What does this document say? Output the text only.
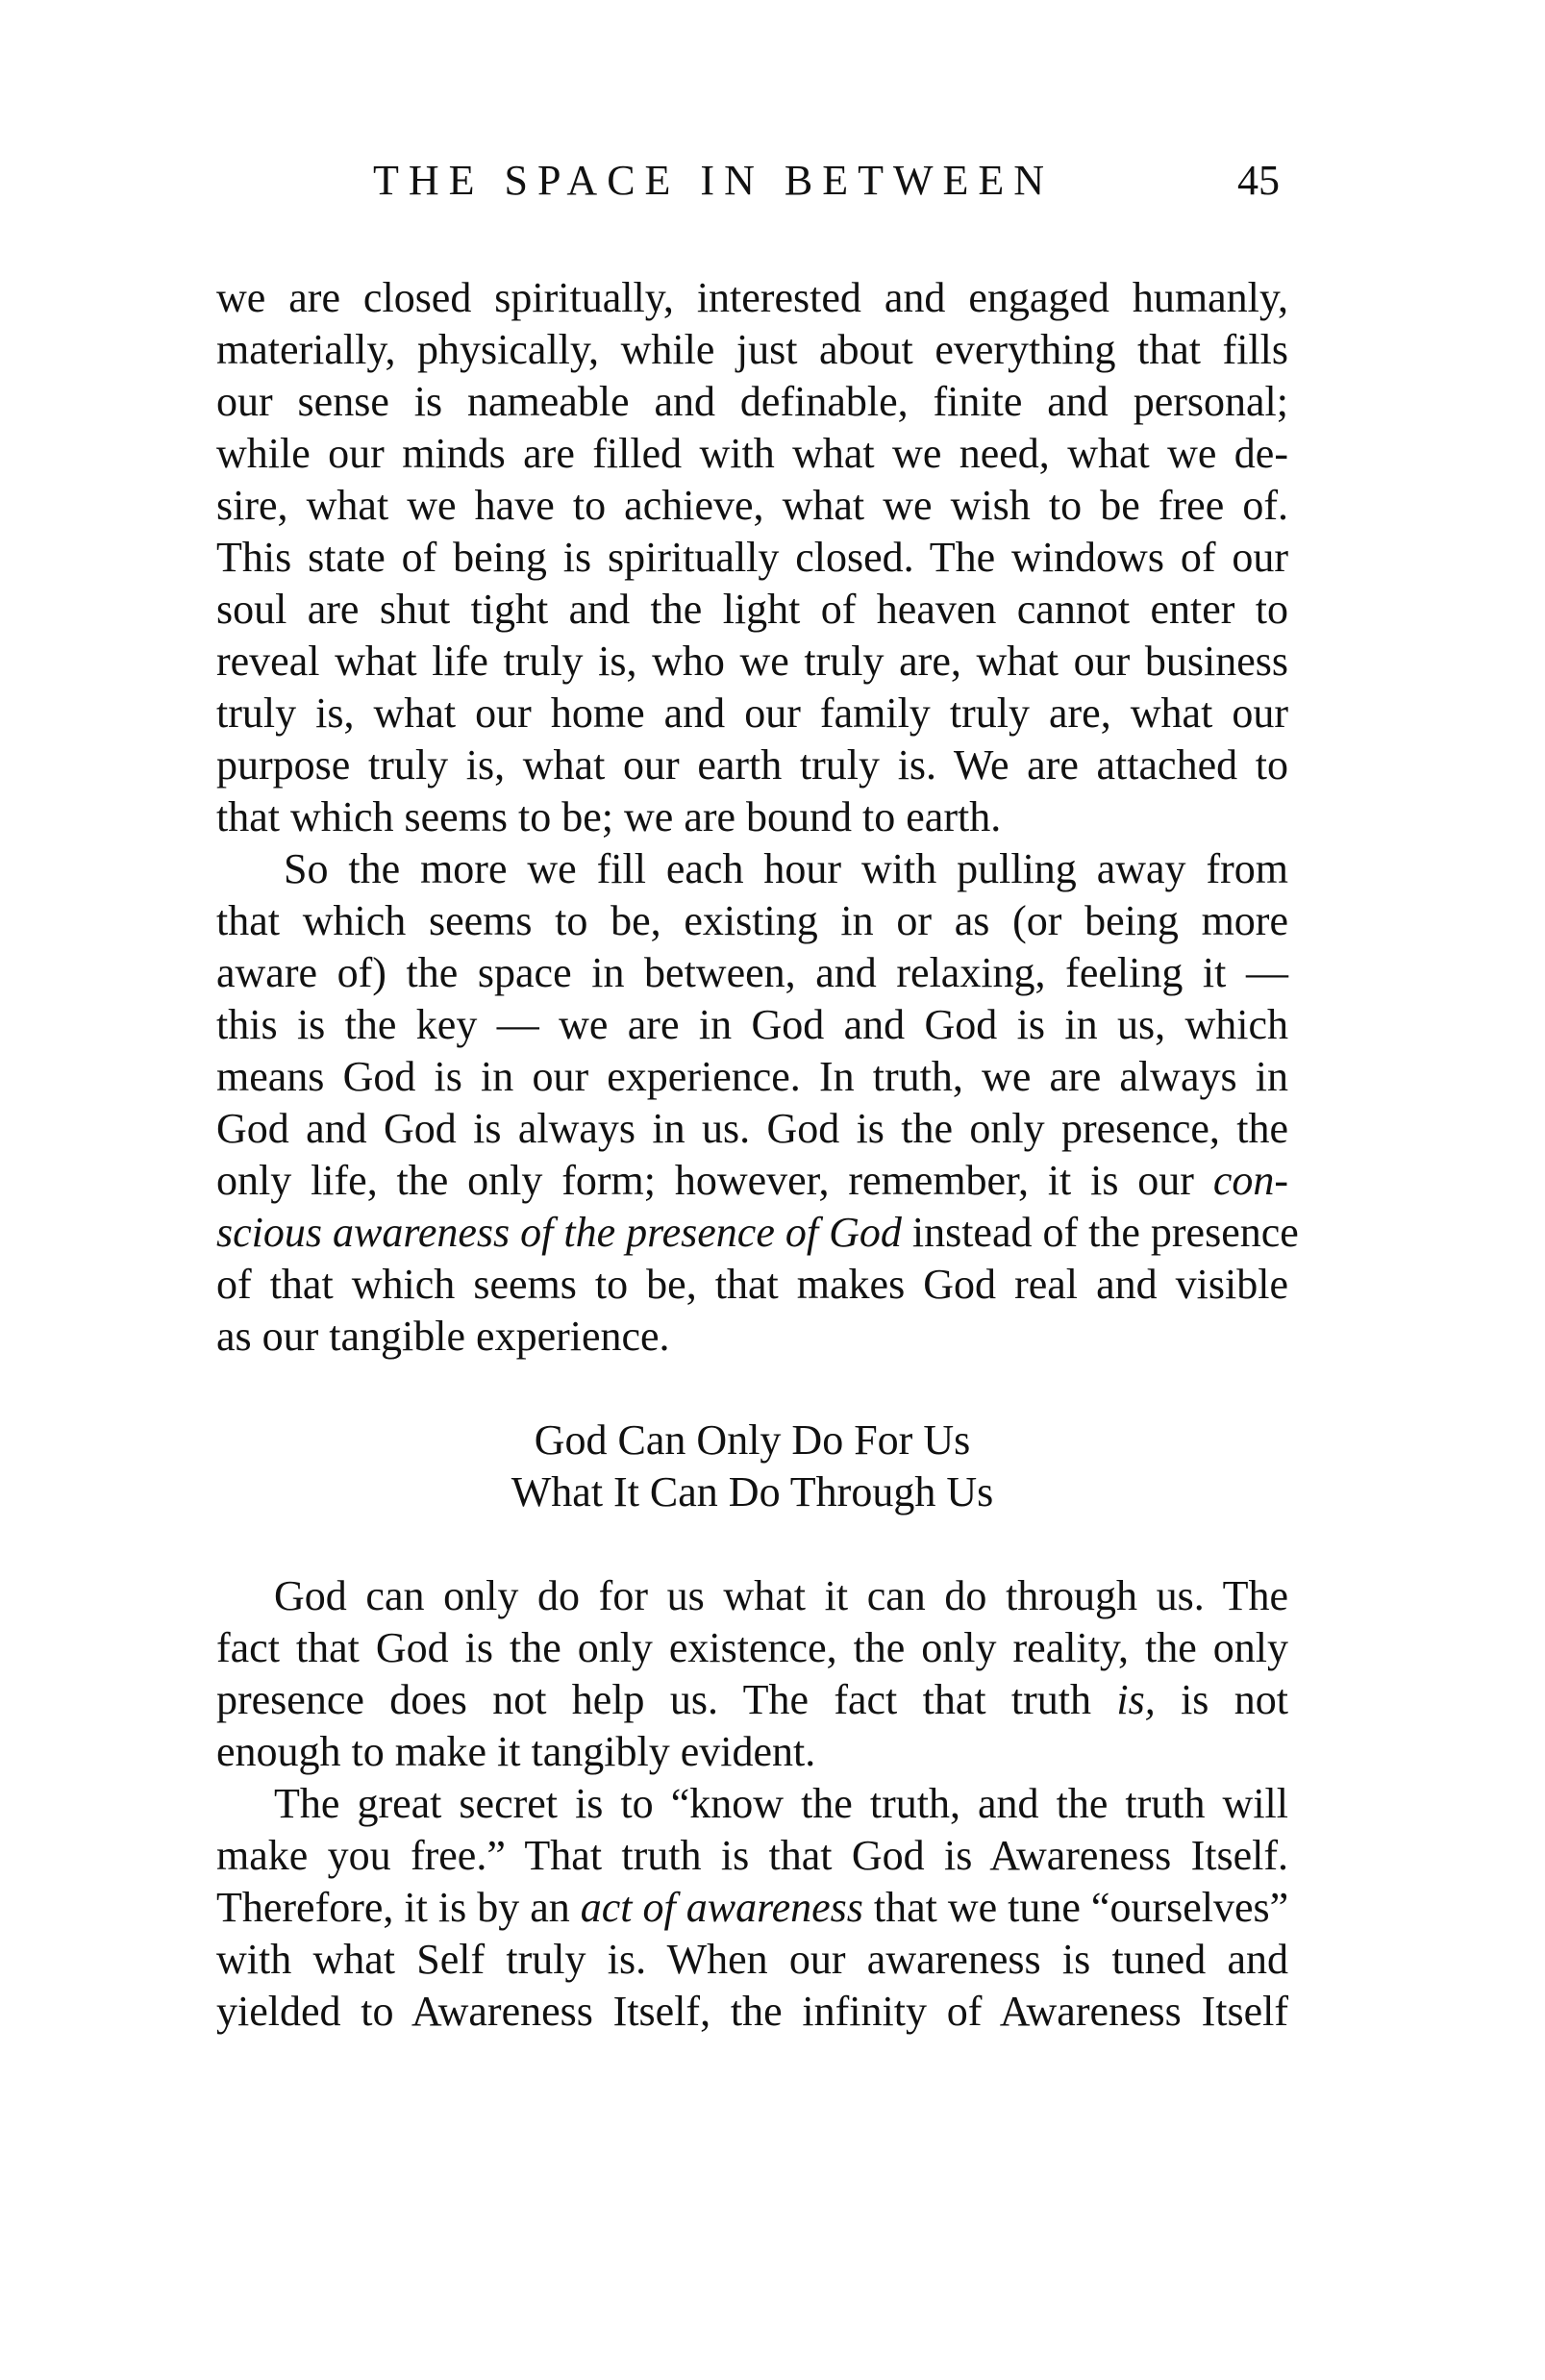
THE SPACE IN BETWEEN	45
we are closed spiritually, interested and engaged humanly,
materially, physically, while just about everything that fills
our sense is nameable and definable, finite and personal;
while our minds are filled with what we need, what we de-
sire, what we have to achieve, what we wish to be free of.
This state of being is spiritually closed. The windows of our
soul are shut tight and the light of heaven cannot enter to
reveal what life truly is, who we truly are, what our business
truly is, what our home and our family truly are, what our
purpose truly is, what our earth truly is. We are attached to
that which seems to be; we are bound to earth.
So the more we fill each hour with pulling away from
that which seems to be, existing in or as (or being more
aware of) the space in between, and relaxing, feeling it —
this is the key — we are in God and God is in us, which
means God is in our experience. In truth, we are always in
God and God is always in us. God is the only presence, the
only life, the only form; however, remember, it is our con-
scious awareness of the presence of God instead of the presence
of that which seems to be, that makes God real and visible
as our tangible experience.
God Can Only Do For Us
What It Can Do Through Us
God can only do for us what it can do through us. The
fact that God is the only existence, the only reality, the only
presence does not help us. The fact that truth is, is not
enough to make it tangibly evident.
The great secret is to “know the truth, and the truth will
make you free.” That truth is that God is Awareness Itself.
Therefore, it is by an act of awareness that we tune “ourselves”
with what Self truly is. When our awareness is tuned and
yielded to Awareness Itself, the infinity of Awareness Itself
